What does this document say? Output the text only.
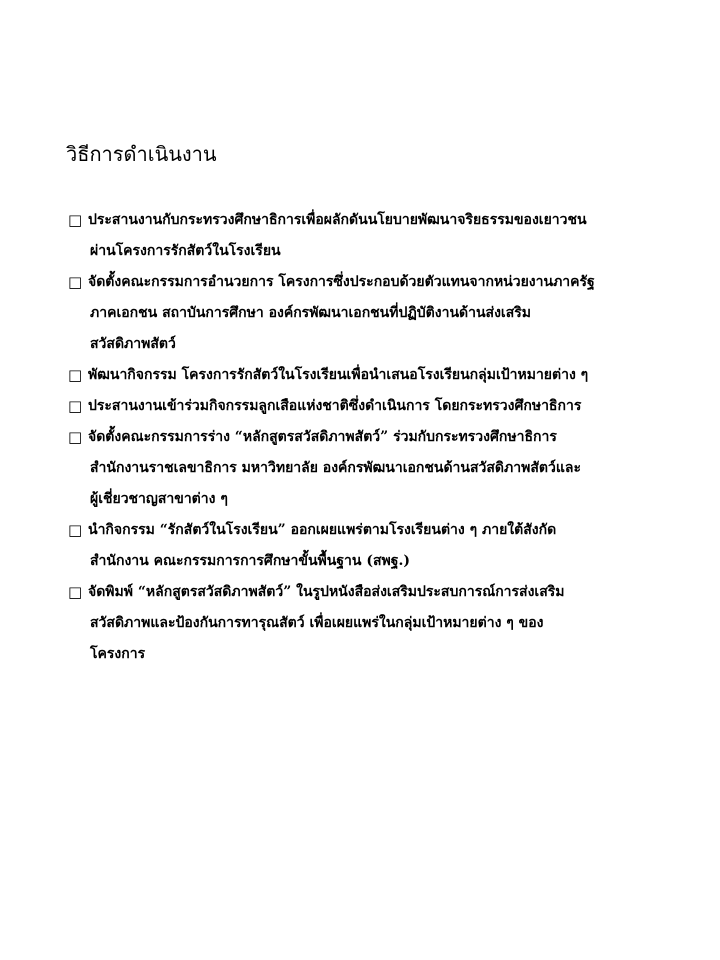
วิธีการดำเนินงาน
□ ประสานงานกับกระทรวงศึกษาธิการเพื่อผลักดันนโยบายพัฒนาจริยธรรมของเยาวชน
ผ่านโครงการรักสัตว์ในโรงเรียน
□ จัดตั้งคณะกรรมการอำนวยการ โครงการซึ่งประกอบด้วยตัวแทนจากหน่วยงานภาครัฐ
ภาคเอกชน สถาบันการศึกษา องค์กรพัฒนาเอกชนที่ปฏิบัติงานด้านส่งเสริม
สวัสดิภาพสัตว์
□ พัฒนากิจกรรม โครงการรักสัตว์ในโรงเรียนเพื่อนำเสนอโรงเรียนกลุ่มเป้าหมายต่าง ๆ
□ ประสานงานเข้าร่วมกิจกรรมลูกเสือแห่งชาติซึ่งดำเนินการ โดยกระทรวงศึกษาธิการ
□ จัดตั้งคณะกรรมการร่าง “หลักสูตรสวัสดิภาพสัตว์” ร่วมกับกระทรวงศึกษาธิการ
สำนักงานราชเลขาธิการ มหาวิทยาลัย องค์กรพัฒนาเอกชนด้านสวัสดิภาพสัตว์และ
ผู้เชี่ยวชาญสาขาต่าง ๆ
□ นำกิจกรรม “รักสัตว์ในโรงเรียน” ออกเผยแพร่ตามโรงเรียนต่าง ๆ ภายใต้สังกัด
สำนักงาน คณะกรรมการการศึกษาขั้นพื้นฐาน (สพฐ.)
□ จัดพิมพ์ “หลักสูตรสวัสดิภาพสัตว์” ในรูปหนังสือส่งเสริมประสบการณ์การส่งเสริม
สวัสดิภาพและป้องกันการทารุณสัตว์ เพื่อเผยแพร่ในกลุ่มเป้าหมายต่าง ๆ ของ
โครงการ
